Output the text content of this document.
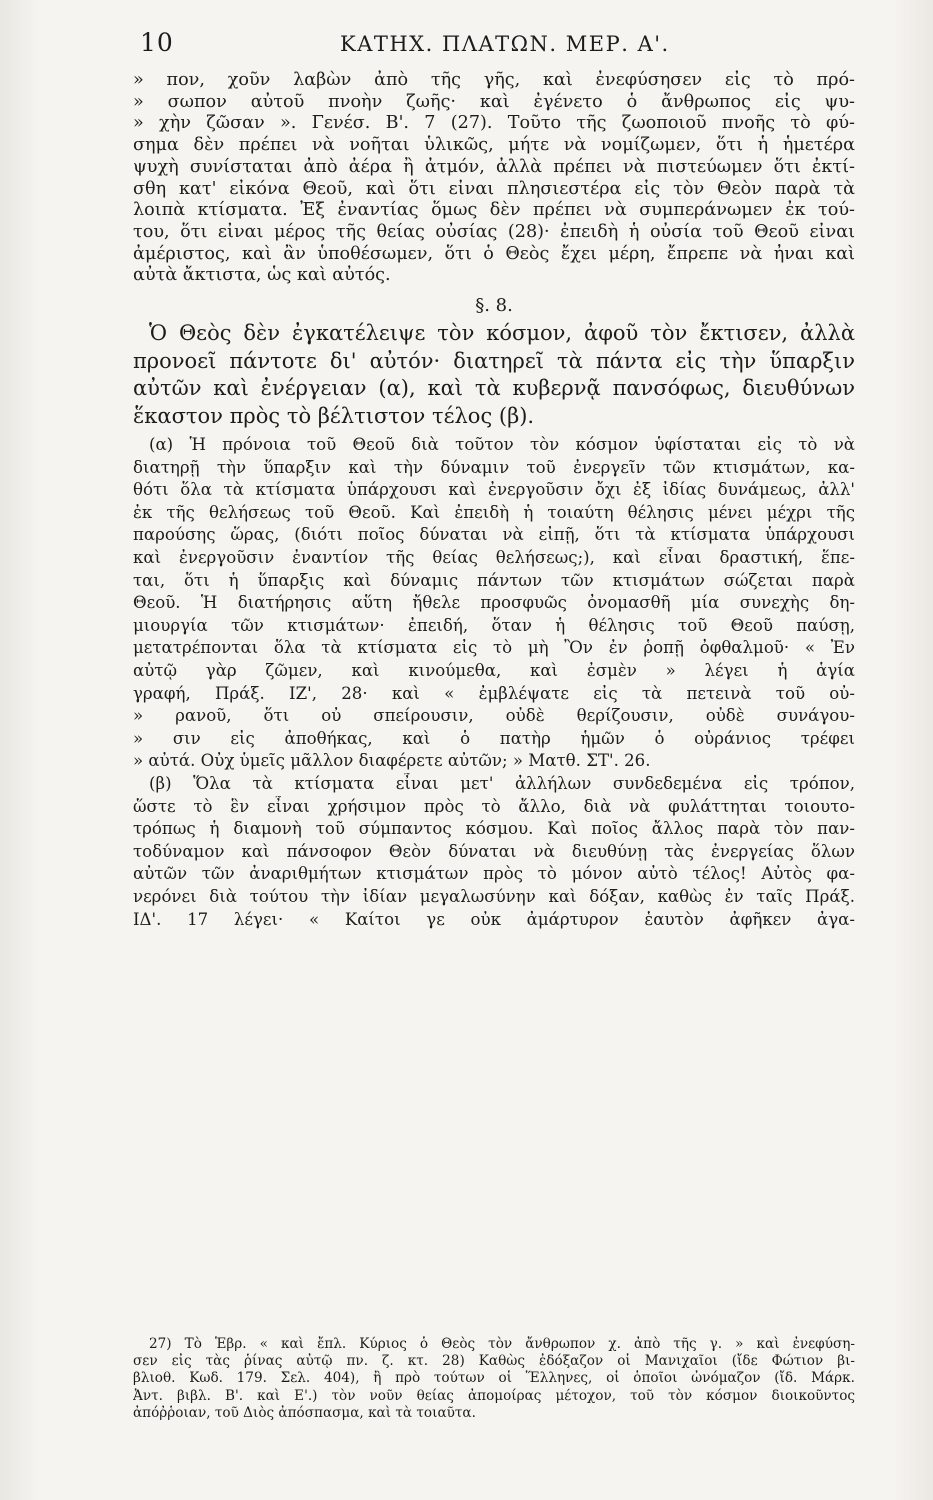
10	ΚΑΤΗΧ. ΠΛΑΤΩΝ. ΜΕΡ. Α'.
» πον, χοῦν λαβὼν ἀπὸ τῆς γῆς, καὶ ἐνεφύσησεν εἰς τὸ πρό-
» σωπον αὐτοῦ πνοὴν ζωῆς· καὶ ἐγένετο ὁ ἄνθρωπος εἰς ψυ-
» χὴν ζῶσαν ». Γενέσ. Β'. 7 (27). Τοῦτο τῆς ζωοποιοῦ πνοῆς τὸ φύ-
σημα δὲν πρέπει νὰ νοῆται ὑλικῶς, μήτε νὰ νομίζωμεν, ὅτι ἡ ἡμετέρα
ψυχὴ συνίσταται ἀπὸ ἀέρα ἢ ἀτμόν, ἀλλὰ πρέπει νὰ πιστεύωμεν ὅτι ἐκτί-
σθη κατ' εἰκόνα Θεοῦ, καὶ ὅτι εἶναι πλησιεστέρα εἰς τὸν Θεὸν παρὰ τὰ
λοιπὰ κτίσματα. Ἐξ ἐναντίας ὅμως δὲν πρέπει νὰ συμπεράνωμεν ἐκ τού-
του, ὅτι εἶναι μέρος τῆς θείας οὐσίας (28)· ἐπειδὴ ἡ οὐσία τοῦ Θεοῦ εἶναι
ἀμέριστος, καὶ ἂν ὑποθέσωμεν, ὅτι ὁ Θεὸς ἔχει μέρη, ἔπρεπε νὰ ἦναι καὶ
αὐτὰ ἄκτιστα, ὡς καὶ αὐτός.
§. 8.
Ὁ Θεὸς δὲν ἐγκατέλειψε τὸν κόσμον, ἀφοῦ τὸν ἔκτισεν, ἀλλὰ
προνοεῖ πάντοτε δι' αὐτόν· διατηρεῖ τὰ πάντα εἰς τὴν ὕπαρξιν
αὐτῶν καὶ ἐνέργειαν (α), καὶ τὰ κυβερνᾷ πανσόφως, διευθύνων
ἕκαστον πρὸς τὸ βέλτιστον τέλος (β).
(α) Ἡ πρόνοια τοῦ Θεοῦ διὰ τοῦτον τὸν κόσμον ὑφίσταται εἰς τὸ νὰ
διατηρῇ τὴν ὕπαρξιν καὶ τὴν δύναμιν τοῦ ἐνεργεῖν τῶν κτισμάτων, κα-
θότι ὅλα τὰ κτίσματα ὑπάρχουσι καὶ ἐνεργοῦσιν ὄχι ἐξ ἰδίας δυνάμεως, ἀλλ'
ἐκ τῆς θελήσεως τοῦ Θεοῦ. Καὶ ἐπειδὴ ἡ τοιαύτη θέλησις μένει μέχρι τῆς
παρούσης ὥρας, (διότι ποῖος δύναται νὰ εἰπῇ, ὅτι τὰ κτίσματα ὑπάρχουσι
καὶ ἐνεργοῦσιν ἐναντίον τῆς θείας θελήσεως;), καὶ εἶναι δραστική, ἕπε-
ται, ὅτι ἡ ὕπαρξις καὶ δύναμις πάντων τῶν κτισμάτων σώζεται παρὰ
Θεοῦ. Ἡ διατήρησις αὕτη ἤθελε προσφυῶς ὀνομασθῆ μία συνεχὴς δη-
μιουργία τῶν κτισμάτων· ἐπειδή, ὅταν ἡ θέλησις τοῦ Θεοῦ παύσῃ,
μετατρέπονται ὅλα τὰ κτίσματα εἰς τὸ μὴ Ὂν ἐν ῥοπῇ ὀφθαλμοῦ· « Ἐν
αὐτῷ γὰρ ζῶμεν, καὶ κινούμεθα, καὶ ἐσμὲν » λέγει ἡ ἁγία
γραφή, Πράξ. ΙΖ', 28· καὶ « ἐμβλέψατε εἰς τὰ πετεινὰ τοῦ οὐ-
» ρανοῦ, ὅτι οὐ σπείρουσιν, οὐδὲ θερίζουσιν, οὐδὲ συνάγου-
» σιν εἰς ἀποθήκας, καὶ ὁ πατὴρ ἡμῶν ὁ οὐράνιος τρέφει
» αὐτά. Οὐχ ὑμεῖς μᾶλλον διαφέρετε αὐτῶν; » Ματθ. ΣΤ'. 26.
(β) Ὅλα τὰ κτίσματα εἶναι μετ' ἀλλήλων συνδεδεμένα εἰς τρόπον,
ὥστε τὸ ἓν εἶναι χρήσιμον πρὸς τὸ ἄλλο, διὰ νὰ φυλάττηται τοιουτο-
τρόπως ἡ διαμονὴ τοῦ σύμπαντος κόσμου. Καὶ ποῖος ἄλλος παρὰ τὸν παν-
τοδύναμον καὶ πάνσοφον Θεὸν δύναται νὰ διευθύνῃ τὰς ἐνεργείας ὅλων
αὐτῶν τῶν ἀναριθμήτων κτισμάτων πρὸς τὸ μόνον αὐτὸ τέλος! Αὐτὸς φα-
νερόνει διὰ τούτου τὴν ἰδίαν μεγαλωσύνην καὶ δόξαν, καθὼς ἐν ταῖς Πράξ.
ΙΔ'. 17 λέγει· « Καίτοι γε οὐκ ἀμάρτυρον ἑαυτὸν ἀφῆκεν ἀγα-
27) Τὸ Ἑβρ. « καὶ ἔπλ. Κύριος ὁ Θεὸς τὸν ἄνθρωπον χ. ἀπὸ τῆς γ. » καὶ ἐνεφύση-
σεν εἰς τὰς ῥίνας αὐτῷ πν. ζ. κτ. 28) Καθὼς ἐδόξαζον οἱ Μανιχαῖοι (ἴδε Φώτιον βι-
βλιοθ. Κωδ. 179. Σελ. 404), ἢ πρὸ τούτων οἱ Ἕλληνες, οἱ ὁποῖοι ὠνόμαζον (ἴδ. Μάρκ.
Ἀντ. βιβλ. Β'. καὶ Ε'.) τὸν νοῦν θείας ἀπομοίρας μέτοχον, τοῦ τὸν κόσμον διοικοῦντος
ἀπόῤῥοιαν, τοῦ Διὸς ἀπόσπασμα, καὶ τὰ τοιαῦτα.
